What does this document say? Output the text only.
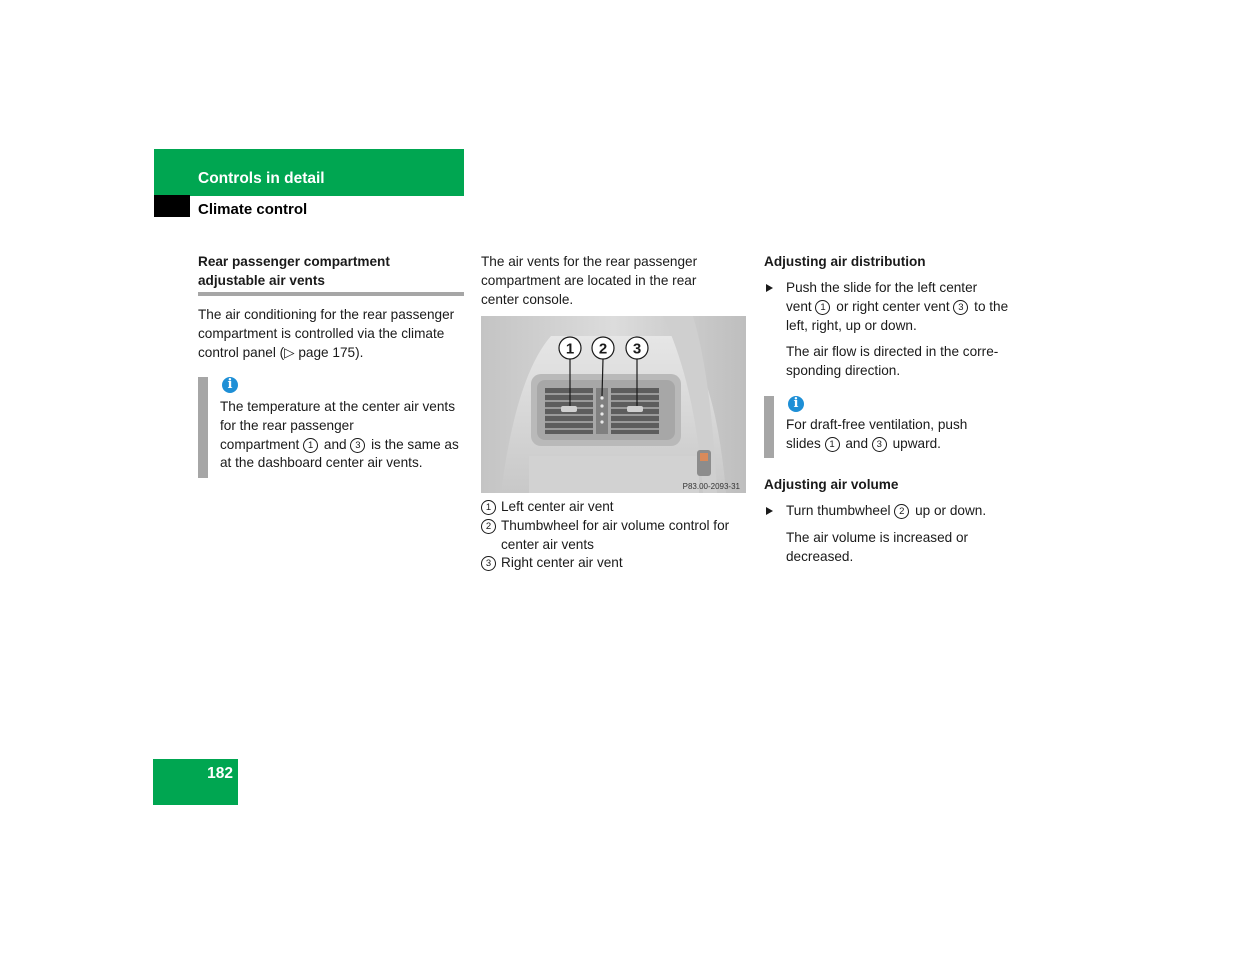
Controls in detail
Climate control
Rear passenger compartment
adjustable air vents
The air conditioning for the rear passenger
compartment is controlled via the climate
control panel (▷ page 175).
i
The temperature at the center air vents
for the rear passenger
compartment 1 and 3 is the same as
at the dashboard center air vents.
The air vents for the rear passenger
compartment are located in the rear
center console.
1 2 3
P83.00-2093-31
1 Left center air vent
2 Thumbwheel for air volume control for
center air vents
3 Right center air vent
Adjusting air distribution
Push the slide for the left center
vent 1 or right center vent 3 to the
left, right, up or down.
The air flow is directed in the corre-
sponding direction.
i
For draft-free ventilation, push
slides 1 and 3 upward.
Adjusting air volume
Turn thumbwheel 2 up or down.
The air volume is increased or
decreased.
182
